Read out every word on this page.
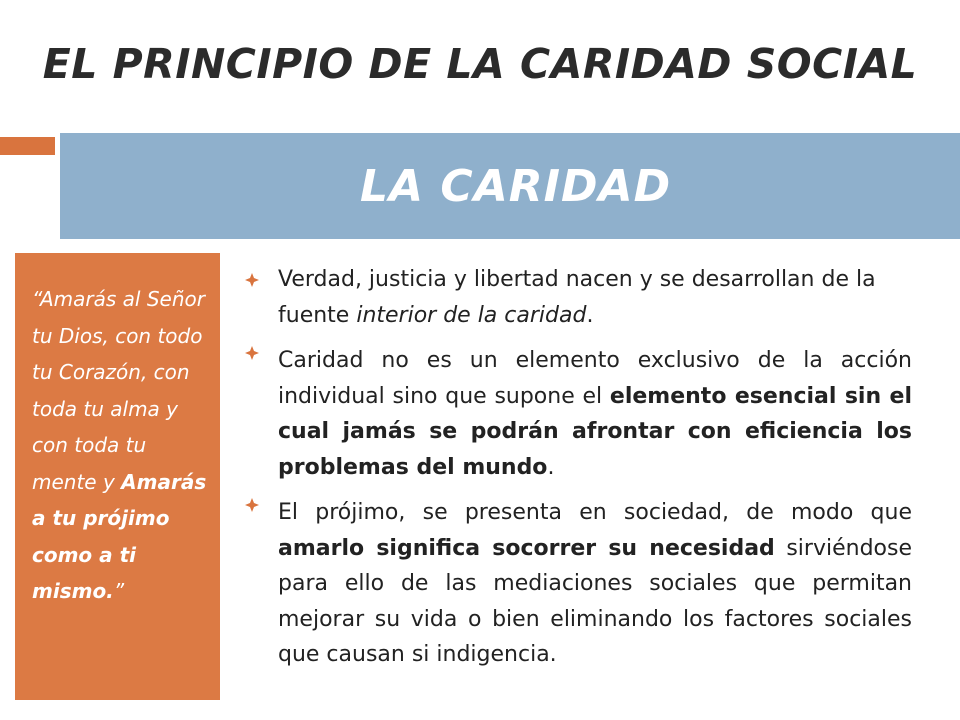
EL PRINCIPIO DE LA CARIDAD SOCIAL
LA CARIDAD

“Amarás al Señor tu Dios, con todo tu Corazón, con toda tu alma y con toda tu mente y Amarás a tu prójimo como a ti mismo.”

Verdad, justicia y libertad nacen y se desarrollan de la fuente interior de la caridad.
Caridad no es un elemento exclusivo de la acción individual sino que supone el elemento esencial sin el cual jamás se podrán afrontar con eficiencia los problemas del mundo.
El prójimo, se presenta en sociedad, de modo que amarlo significa socorrer su necesidad sirviéndose para ello de las mediaciones sociales que permitan mejorar su vida o bien eliminando los factores sociales que causan si indigencia.
